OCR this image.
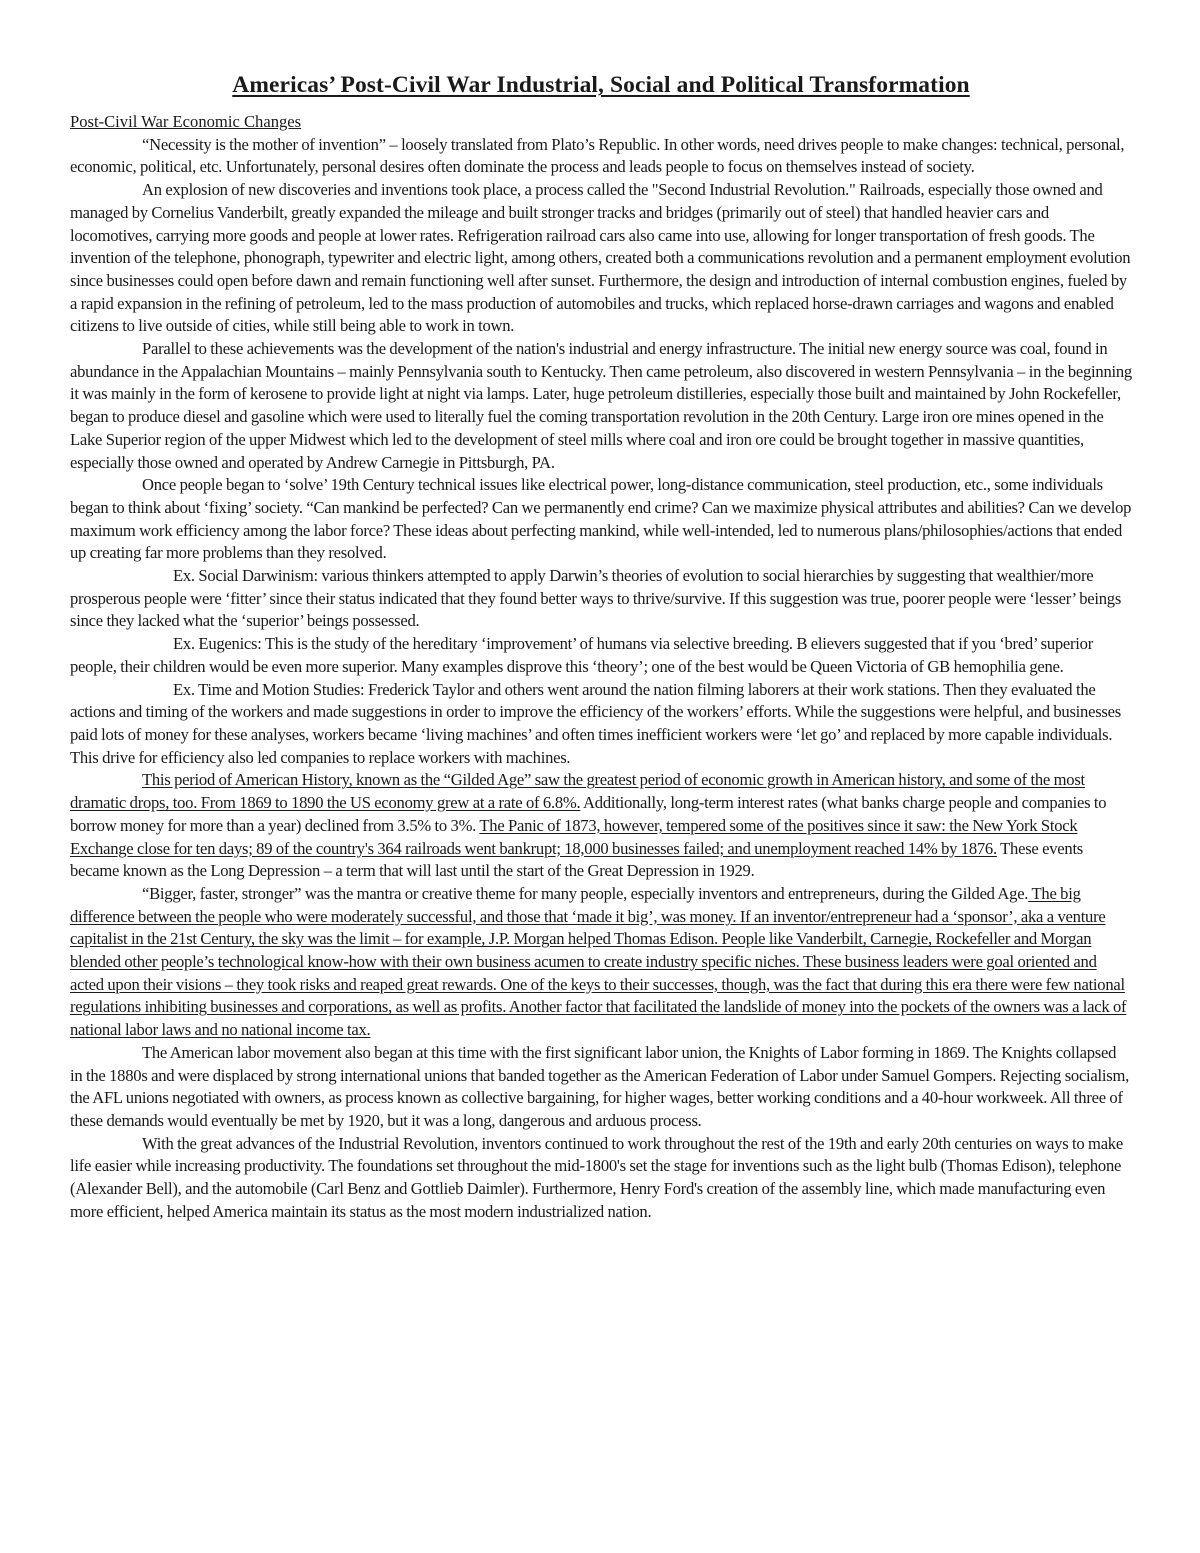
Americas’ Post-Civil War Industrial, Social and Political Transformation
Post-Civil War Economic Changes

“Necessity is the mother of invention” – loosely translated from Plato’s Republic. In other words, need drives people to make changes: technical, personal, economic, political, etc. Unfortunately, personal desires often dominate the process and leads people to focus on themselves instead of society.

An explosion of new discoveries and inventions took place, a process called the "Second Industrial Revolution." Railroads, especially those owned and managed by Cornelius Vanderbilt, greatly expanded the mileage and built stronger tracks and bridges (primarily out of steel) that handled heavier cars and locomotives, carrying more goods and people at lower rates. Refrigeration railroad cars also came into use, allowing for longer transportation of fresh goods. The invention of the telephone, phonograph, typewriter and electric light, among others, created both a communications revolution and a permanent employment evolution since businesses could open before dawn and remain functioning well after sunset. Furthermore, the design and introduction of internal combustion engines, fueled by a rapid expansion in the refining of petroleum, led to the mass production of automobiles and trucks, which replaced horse-drawn carriages and wagons and enabled citizens to live outside of cities, while still being able to work in town.

Parallel to these achievements was the development of the nation's industrial and energy infrastructure. The initial new energy source was coal, found in abundance in the Appalachian Mountains – mainly Pennsylvania south to Kentucky. Then came petroleum, also discovered in western Pennsylvania – in the beginning it was mainly in the form of kerosene to provide light at night via lamps. Later, huge petroleum distilleries, especially those built and maintained by John Rockefeller, began to produce diesel and gasoline which were used to literally fuel the coming transportation revolution in the 20th Century. Large iron ore mines opened in the Lake Superior region of the upper Midwest which led to the development of steel mills where coal and iron ore could be brought together in massive quantities, especially those owned and operated by Andrew Carnegie in Pittsburgh, PA.

Once people began to ‘solve’ 19th Century technical issues like electrical power, long-distance communication, steel production, etc., some individuals began to think about ‘fixing’ society. “Can mankind be perfected? Can we permanently end crime? Can we maximize physical attributes and abilities? Can we develop maximum work efficiency among the labor force? These ideas about perfecting mankind, while well-intended, led to numerous plans/philosophies/actions that ended up creating far more problems than they resolved.

Ex. Social Darwinism: various thinkers attempted to apply Darwin’s theories of evolution to social hierarchies by suggesting that wealthier/more prosperous people were ‘fitter’ since their status indicated that they found better ways to thrive/survive. If this suggestion was true, poorer people were ‘lesser’ beings since they lacked what the ‘superior’ beings possessed.

Ex. Eugenics: This is the study of the hereditary ‘improvement’ of humans via selective breeding. B elievers suggested that if you ‘bred’ superior people, their children would be even more superior. Many examples disprove this ‘theory’; one of the best would be Queen Victoria of GB hemophilia gene.

Ex. Time and Motion Studies: Frederick Taylor and others went around the nation filming laborers at their work stations. Then they evaluated the actions and timing of the workers and made suggestions in order to improve the efficiency of the workers’ efforts. While the suggestions were helpful, and businesses paid lots of money for these analyses, workers became ‘living machines’ and often times inefficient workers were ‘let go’ and replaced by more capable individuals. This drive for efficiency also led companies to replace workers with machines.

This period of American History, known as the “Gilded Age” saw the greatest period of economic growth in American history, and some of the most dramatic drops, too. From 1869 to 1890 the US economy grew at a rate of 6.8%. Additionally, long-term interest rates (what banks charge people and companies to borrow money for more than a year) declined from 3.5% to 3%. The Panic of 1873, however, tempered some of the positives since it saw: the New York Stock Exchange close for ten days; 89 of the country's 364 railroads went bankrupt; 18,000 businesses failed; and unemployment reached 14% by 1876. These events became known as the Long Depression – a term that will last until the start of the Great Depression in 1929.

“Bigger, faster, stronger” was the mantra or creative theme for many people, especially inventors and entrepreneurs, during the Gilded Age. The big difference between the people who were moderately successful, and those that ‘made it big’, was money. If an inventor/entrepreneur had a ‘sponsor’, aka a venture capitalist in the 21st Century, the sky was the limit – for example, J.P. Morgan helped Thomas Edison. People like Vanderbilt, Carnegie, Rockefeller and Morgan blended other people’s technological know-how with their own business acumen to create industry specific niches. These business leaders were goal oriented and acted upon their visions – they took risks and reaped great rewards. One of the keys to their successes, though, was the fact that during this era there were few national regulations inhibiting businesses and corporations, as well as profits. Another factor that facilitated the landslide of money into the pockets of the owners was a lack of national labor laws and no national income tax.

The American labor movement also began at this time with the first significant labor union, the Knights of Labor forming in 1869. The Knights collapsed in the 1880s and were displaced by strong international unions that banded together as the American Federation of Labor under Samuel Gompers. Rejecting socialism, the AFL unions negotiated with owners, as process known as collective bargaining, for higher wages, better working conditions and a 40-hour workweek. All three of these demands would eventually be met by 1920, but it was a long, dangerous and arduous process.

With the great advances of the Industrial Revolution, inventors continued to work throughout the rest of the 19th and early 20th centuries on ways to make life easier while increasing productivity. The foundations set throughout the mid-1800's set the stage for inventions such as the light bulb (Thomas Edison), telephone (Alexander Bell), and the automobile (Carl Benz and Gottlieb Daimler). Furthermore, Henry Ford's creation of the assembly line, which made manufacturing even more efficient, helped America maintain its status as the most modern industrialized nation.
